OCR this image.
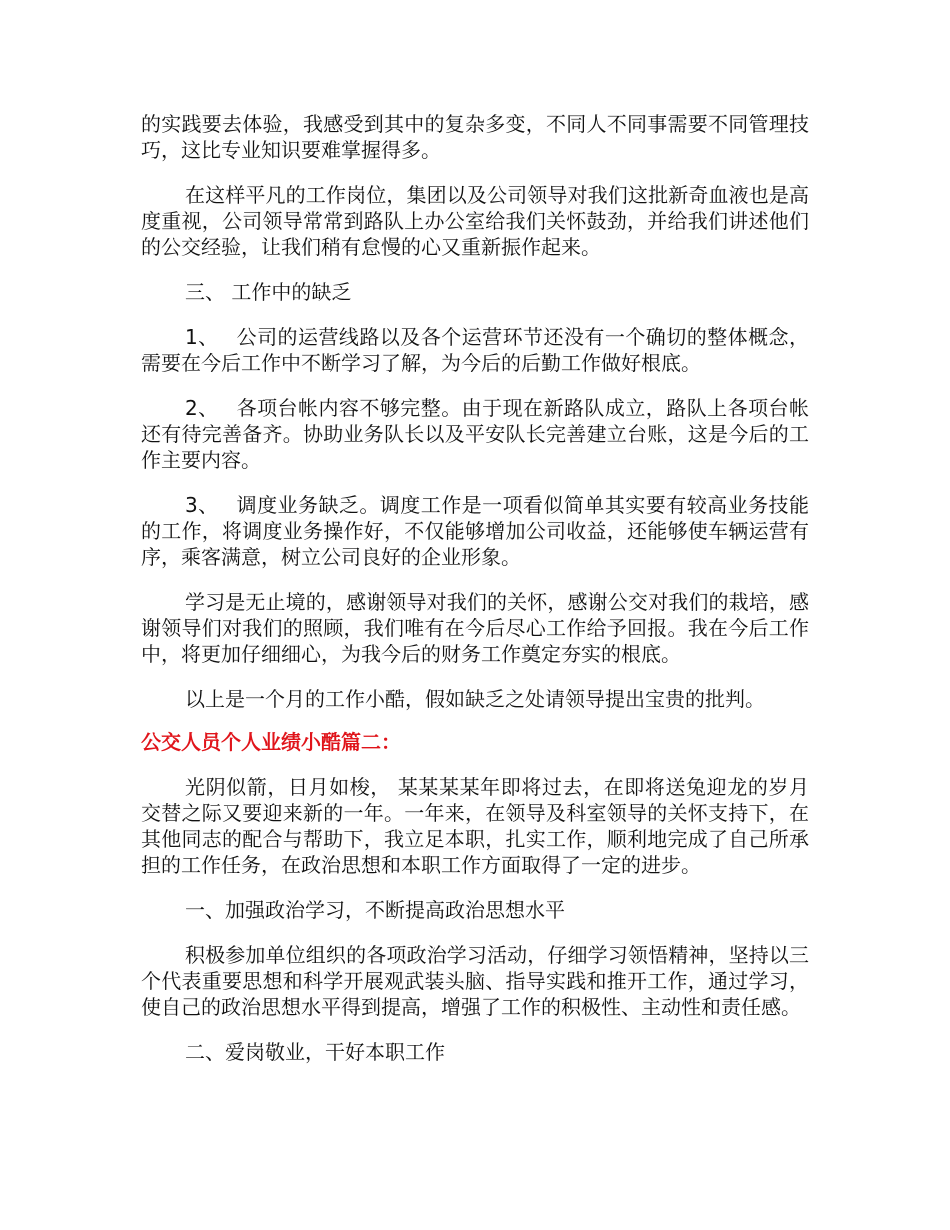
的实践要去体验，我感受到其中的复杂多变，不同人不同事需要不同管理技巧，这比专业知识要难掌握得多。

在这样平凡的工作岗位，集团以及公司领导对我们这批新奇血液也是高度重视，公司领导常常到路队上办公室给我们关怀鼓劲，并给我们讲述他们的公交经验，让我们稍有怠慢的心又重新振作起来。

三、 工作中的缺乏

1、 公司的运营线路以及各个运营环节还没有一个确切的整体概念，需要在今后工作中不断学习了解，为今后的后勤工作做好根底。

2、 各项台帐内容不够完整。由于现在新路队成立，路队上各项台帐还有待完善备齐。协助业务队长以及平安队长完善建立台账，这是今后的工作主要内容。

3、 调度业务缺乏。调度工作是一项看似简单其实要有较高业务技能的工作，将调度业务操作好，不仅能够增加公司收益，还能够使车辆运营有序，乘客满意，树立公司良好的企业形象。

学习是无止境的，感谢领导对我们的关怀，感谢公交对我们的栽培，感谢领导们对我们的照顾，我们唯有在今后尽心工作给予回报。我在今后工作中，将更加仔细细心，为我今后的财务工作奠定夯实的根底。

以上是一个月的工作小酷，假如缺乏之处请领导提出宝贵的批判。

公交人员个人业绩小酷篇二：

光阴似箭，日月如梭， 某某某某年即将过去，在即将送兔迎龙的岁月交替之际又要迎来新的一年。一年来，在领导及科室领导的关怀支持下，在其他同志的配合与帮助下，我立足本职，扎实工作，顺利地完成了自己所承担的工作任务，在政治思想和本职工作方面取得了一定的进步。

一、加强政治学习，不断提高政治思想水平

积极参加单位组织的各项政治学习活动，仔细学习领悟精神，坚持以三个代表重要思想和科学开展观武装头脑、指导实践和推开工作，通过学习，使自己的政治思想水平得到提高，增强了工作的积极性、主动性和责任感。

二、爱岗敬业，干好本职工作
